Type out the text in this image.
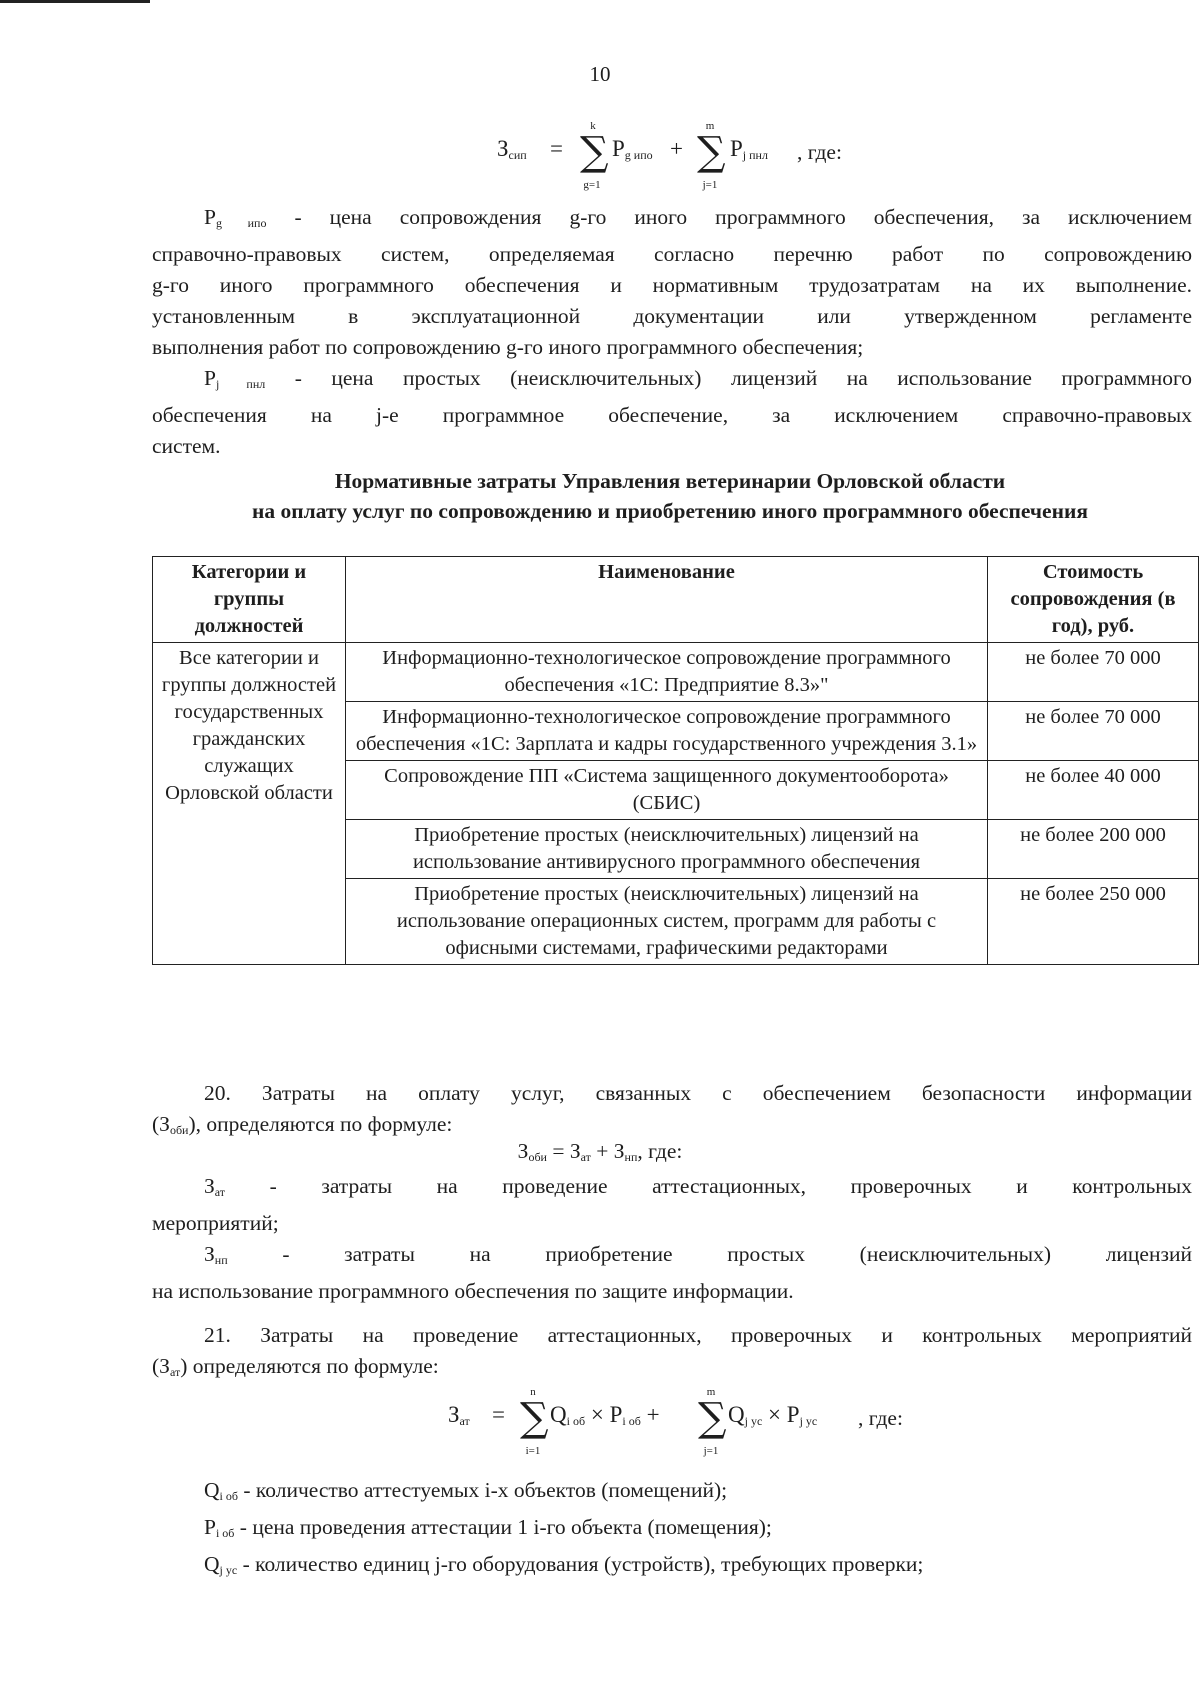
10
$З_{сип}$ =
k
∑
g=1
$P_{g ипо}$ +
m
∑
j=1
$P_{j пнл}$ , где:

$P_{g ипо}$ - цена сопровождения g-го иного программного обеспечения, за исключением

справочно-правовых систем, определяемая согласно перечню работ по сопровождению

g-го иного программного обеспечения и нормативным трудозатратам на их выполнение.

установленным в эксплуатационной документации или утвержденном регламенте

выполнения работ по сопровождению g-го иного программного обеспечения;

$P_{j пнл}$ - цена простых (неисключительных) лицензий на использование программного

обеспечения на j-е программное обеспечение, за исключением справочно-правовых

систем.

Нормативные затраты Управления ветеринарии Орловской области
на оплату услуг по сопровождению и приобретению иного программного обеспечения
Категории и группы должностей	Наименование	Стоимость сопровождения (в год), руб.
Все категории и группы должностей государственных гражданских служащих Орловской области	Информационно-технологическое сопровождение программного обеспечения «1С: Предприятие 8.3»"	не более 70 000
	Информационно-технологическое сопровождение программного обеспечения «1С: Зарплата и кадры государственного учреждения 3.1»	не более 70 000
	Сопровождение ПП «Система защищенного документооборота» (СБИС)	не более 40 000
	Приобретение простых (неисключительных) лицензий на использование антивирусного программного обеспечения	не более 200 000
	Приобретение простых (неисключительных) лицензий на использование операционных систем, программ для работы с офисными системами, графическими редакторами	не более 250 000

20. Затраты на оплату услуг, связанных с обеспечением безопасности информации

$(З_{оби})$, определяются по формуле:

$З_{оби} = З_{ат} + З_{нп}$, где:

$З_{ат}$ - затраты на проведение аттестационных, проверочных и контрольных

мероприятий;

$З_{нп}$ - затраты на приобретение простых (неисключительных) лицензий

на использование программного обеспечения по защите информации.

21. Затраты на проведение аттестационных, проверочных и контрольных мероприятий

$(З_{ат})$ определяются по формуле:

$З_{ат}$ =
n
∑
i=1
$Q_{i об} \times P_{i об}$ +
m
∑
j=1
$Q_{j ус} \times P_{j ус}$ , где:

$Q_{i об}$ - количество аттестуемых i-х объектов (помещений);

$P_{i об}$ - цена проведения аттестации 1 i-го объекта (помещения);

$Q_{j ус}$ - количество единиц j-го оборудования (устройств), требующих проверки;
